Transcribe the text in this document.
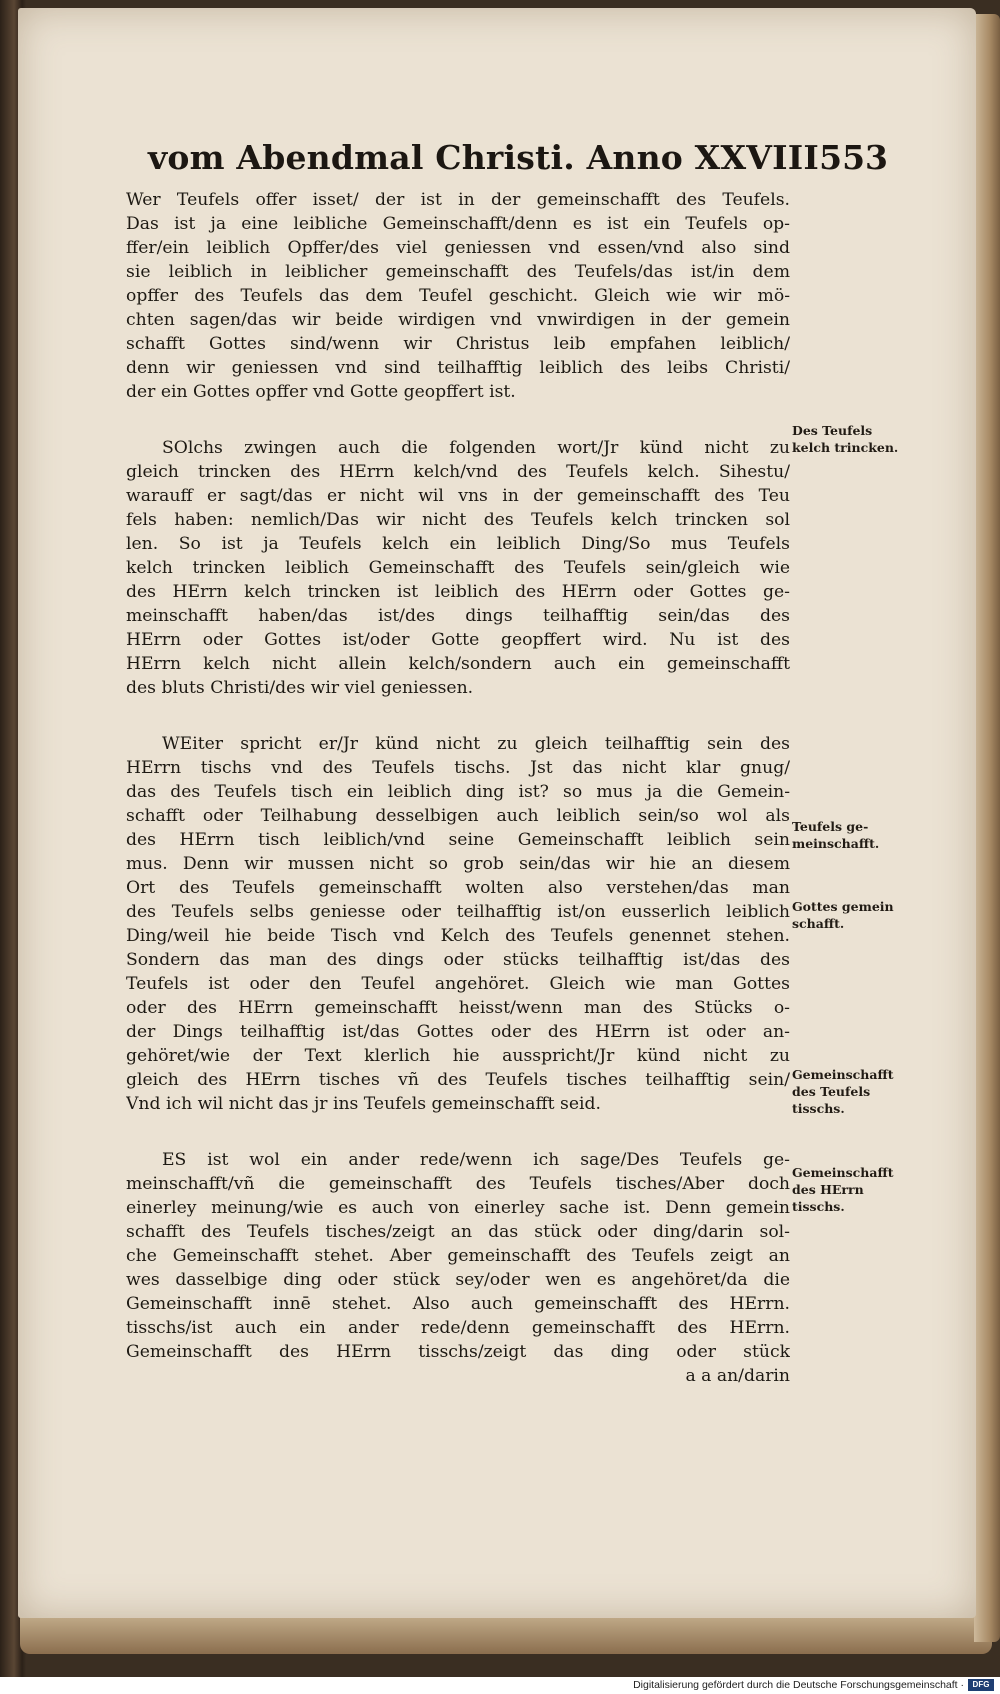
vom Abendmal Christi. Anno XXVIII 553
Wer Teufels offer isset/ der ist in der gemeinschafft des Teufels.
Das ist ja eine leibliche Gemeinschafft/denn es ist ein Teufels op-
ffer/ein leiblich Opffer/des viel geniessen vnd essen/vnd also sind
sie leiblich in leiblicher gemeinschafft des Teufels/das ist/in dem
opffer des Teufels das dem Teufel geschicht. Gleich wie wir mö-
chten sagen/das wir beide wirdigen vnd vnwirdigen in der gemein
schafft Gottes sind/wenn wir Christus leib empfahen leiblich/
denn wir geniessen vnd sind teilhafftig leiblich des leibs Christi/
der ein Gottes opffer vnd Gotte geopffert ist.
SOlchs zwingen auch die folgenden wort/Jr künd nicht zu
gleich trincken des HErrn kelch/vnd des Teufels kelch. Sihestu/
warauff er sagt/das er nicht wil vns in der gemeinschafft des Teu
fels haben: nemlich/Das wir nicht des Teufels kelch trincken sol
len. So ist ja Teufels kelch ein leiblich Ding/So mus Teufels
kelch trincken leiblich Gemeinschafft des Teufels sein/gleich wie
des HErrn kelch trincken ist leiblich des HErrn oder Gottes ge-
meinschafft haben/das ist/des dings teilhafftig sein/das des
HErrn oder Gottes ist/oder Gotte geopffert wird. Nu ist des
HErrn kelch nicht allein kelch/sondern auch ein gemeinschafft
des bluts Christi/des wir viel geniessen.
WEiter spricht er/Jr künd nicht zu gleich teilhafftig sein des
HErrn tischs vnd des Teufels tischs. Jst das nicht klar gnug/
das des Teufels tisch ein leiblich ding ist? so mus ja die Gemein-
schafft oder Teilhabung desselbigen auch leiblich sein/so wol als
des HErrn tisch leiblich/vnd seine Gemeinschafft leiblich sein
mus. Denn wir mussen nicht so grob sein/das wir hie an diesem
Ort des Teufels gemeinschafft wolten also verstehen/das man
des Teufels selbs geniesse oder teilhafftig ist/on eusserlich leiblich
Ding/weil hie beide Tisch vnd Kelch des Teufels genennet stehen.
Sondern das man des dings oder stücks teilhafftig ist/das des
Teufels ist oder den Teufel angehöret. Gleich wie man Gottes
oder des HErrn gemeinschafft heisst/wenn man des Stücks o-
der Dings teilhafftig ist/das Gottes oder des HErrn ist oder an-
gehöret/wie der Text klerlich hie ausspricht/Jr künd nicht zu
gleich des HErrn tisches vñ des Teufels tisches teilhafftig sein/
Vnd ich wil nicht das jr ins Teufels gemeinschafft seid.
ES ist wol ein ander rede/wenn ich sage/Des Teufels ge-
meinschafft/vñ die gemeinschafft des Teufels tisches/Aber doch
einerley meinung/wie es auch von einerley sache ist. Denn gemein
schafft des Teufels tisches/zeigt an das stück oder ding/darin sol-
che Gemeinschafft stehet. Aber gemeinschafft des Teufels zeigt an
wes dasselbige ding oder stück sey/oder wen es angehöret/da die
Gemeinschafft innē stehet. Also auch gemeinschafft des HErrn.
tisschs/ist auch ein ander rede/denn gemeinschafft des HErrn.
Gemeinschafft des HErrn tisschs/zeigt das ding oder stück
a a an/darin
Des Teufels kelch trincken.
Teufels ge-meinschafft.
Gottes gemein schafft.
Gemeinschafft des Teufels tisschs.
Gemeinschafft des HErrn tisschs.
Digitalisierung gefördert durch die Deutsche Forschungsgemeinschaft ·	DFG
